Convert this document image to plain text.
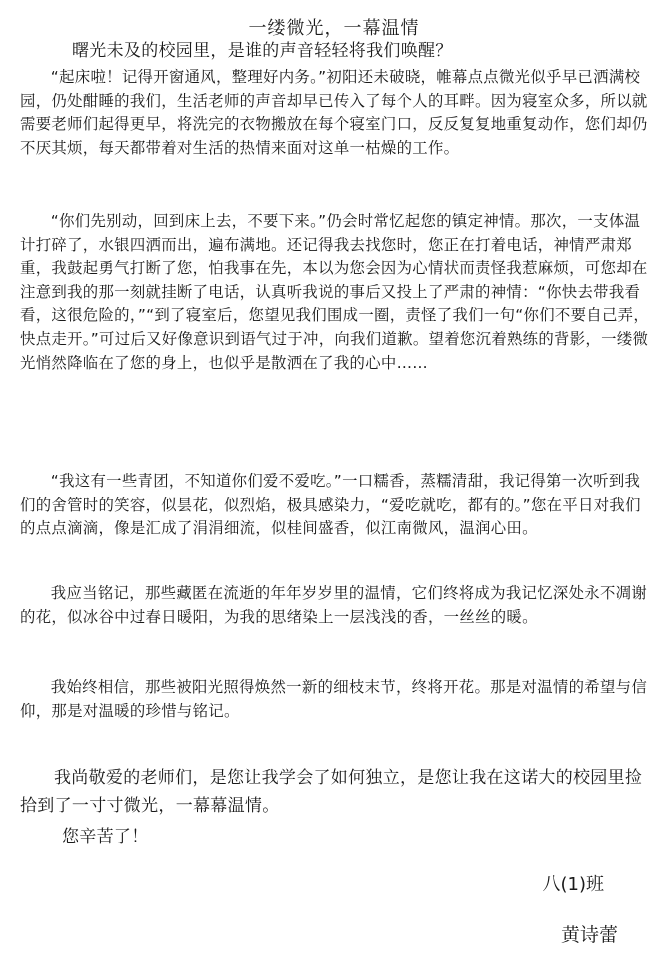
一缕微光，一幕温情
曙光未及的校园里，是谁的声音轻轻将我们唤醒？
“起床啦！记得开窗通风，整理好内务。”初阳还未破晓，帷幕点点微光似乎早已洒满校园，仍处酣睡的我们，生活老师的声音却早已传入了每个人的耳畔。因为寝室众多，所以就需要老师们起得更早，将洗完的衣物搬放在每个寝室门口，反反复复地重复动作，您们却仍不厌其烦，每天都带着对生活的热情来面对这单一枯燥的工作。
“你们先别动，回到床上去，不要下来。”仍会时常忆起您的镇定神情。那次，一支体温计打碎了，水银四洒而出，遍布满地。还记得我去找您时，您正在打着电话，神情严肃郑重，我鼓起勇气打断了您，怕我事在先，本以为您会因为心情状而责怪我惹麻烦，可您却在注意到我的那一刻就挂断了电话，认真听我说的事后又投上了严肃的神情：“你快去带我看看，这很危险的，”“到了寝室后，您望见我们围成一圈，责怪了我们一句“你们不要自己弄，快点走开。”可过后又好像意识到语气过于冲，向我们道歉。望着您沉着熟练的背影，一缕微光悄然降临在了您的身上，也似乎是散洒在了我的心中……
“我这有一些青团，不知道你们爱不爱吃。”一口糯香，蒸糯清甜，我记得第一次听到我们的舍管时的笑容，似昙花，似烈焰，极具感染力，“爱吃就吃，都有的。”您在平日对我们的点点滴滴，像是汇成了涓涓细流，似桂间盛香，似江南微风，温润心田。
我应当铭记，那些藏匿在流逝的年年岁岁里的温情，它们终将成为我记忆深处永不凋谢的花，似冰谷中过春日暖阳，为我的思绪染上一层浅浅的香，一丝丝的暖。
我始终相信，那些被阳光照得焕然一新的细枝末节，终将开花。那是对温情的希望与信仰，那是对温暖的珍惜与铭记。
我尚敬爱的老师们，是您让我学会了如何独立，是您让我在这诺大的校园里捡拾到了一寸寸微光，一幕幕温情。
您辛苦了！
八(1)班
黄诗蕾
